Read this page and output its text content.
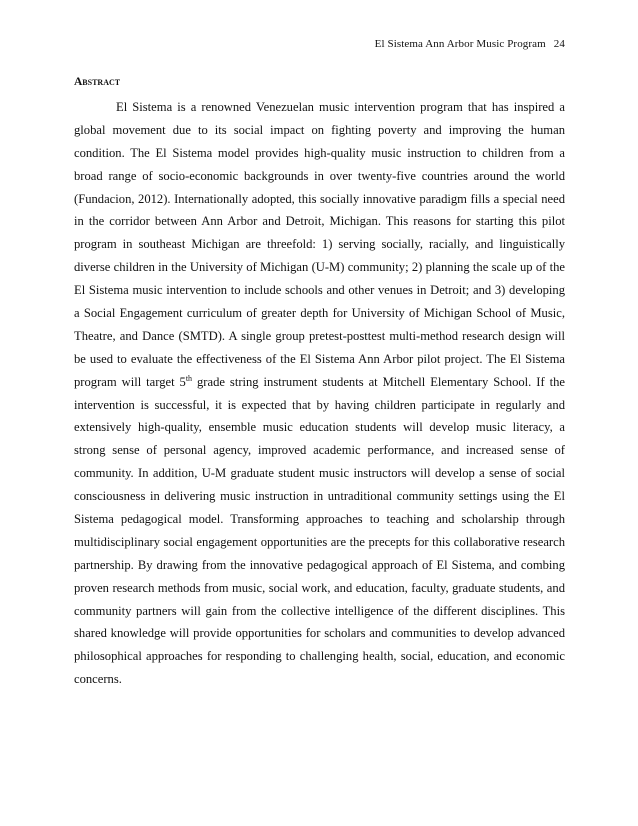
El Sistema Ann Arbor Music Program 24
Abstract
El Sistema is a renowned Venezuelan music intervention program that has inspired a
global movement due to its social impact on fighting poverty and improving the human
condition. The El Sistema model provides high-quality music instruction to children from a
broad range of socio-economic backgrounds in over twenty-five countries around the world
(Fundacion, 2012). Internationally adopted, this socially innovative paradigm fills a special need
in the corridor between Ann Arbor and Detroit, Michigan. This reasons for starting this pilot
program in southeast Michigan are threefold: 1) serving socially, racially, and linguistically
diverse children in the University of Michigan (U-M) community; 2) planning the scale up of the
El Sistema music intervention to include schools and other venues in Detroit; and 3) developing
a Social Engagement curriculum of greater depth for University of Michigan School of Music,
Theatre, and Dance (SMTD). A single group pretest-posttest multi-method research design will
be used to evaluate the effectiveness of the El Sistema Ann Arbor pilot project. The El Sistema
program will target 5th grade string instrument students at Mitchell Elementary School. If the
intervention is successful, it is expected that by having children participate in regularly and
extensively high-quality, ensemble music education students will develop music literacy, a
strong sense of personal agency, improved academic performance, and increased sense of
community. In addition, U-M graduate student music instructors will develop a sense of social
consciousness in delivering music instruction in untraditional community settings using the El
Sistema pedagogical model. Transforming approaches to teaching and scholarship through
multidisciplinary social engagement opportunities are the precepts for this collaborative research
partnership. By drawing from the innovative pedagogical approach of El Sistema, and combing
proven research methods from music, social work, and education, faculty, graduate students, and
community partners will gain from the collective intelligence of the different disciplines. This
shared knowledge will provide opportunities for scholars and communities to develop advanced
philosophical approaches for responding to challenging health, social, education, and economic
concerns.
